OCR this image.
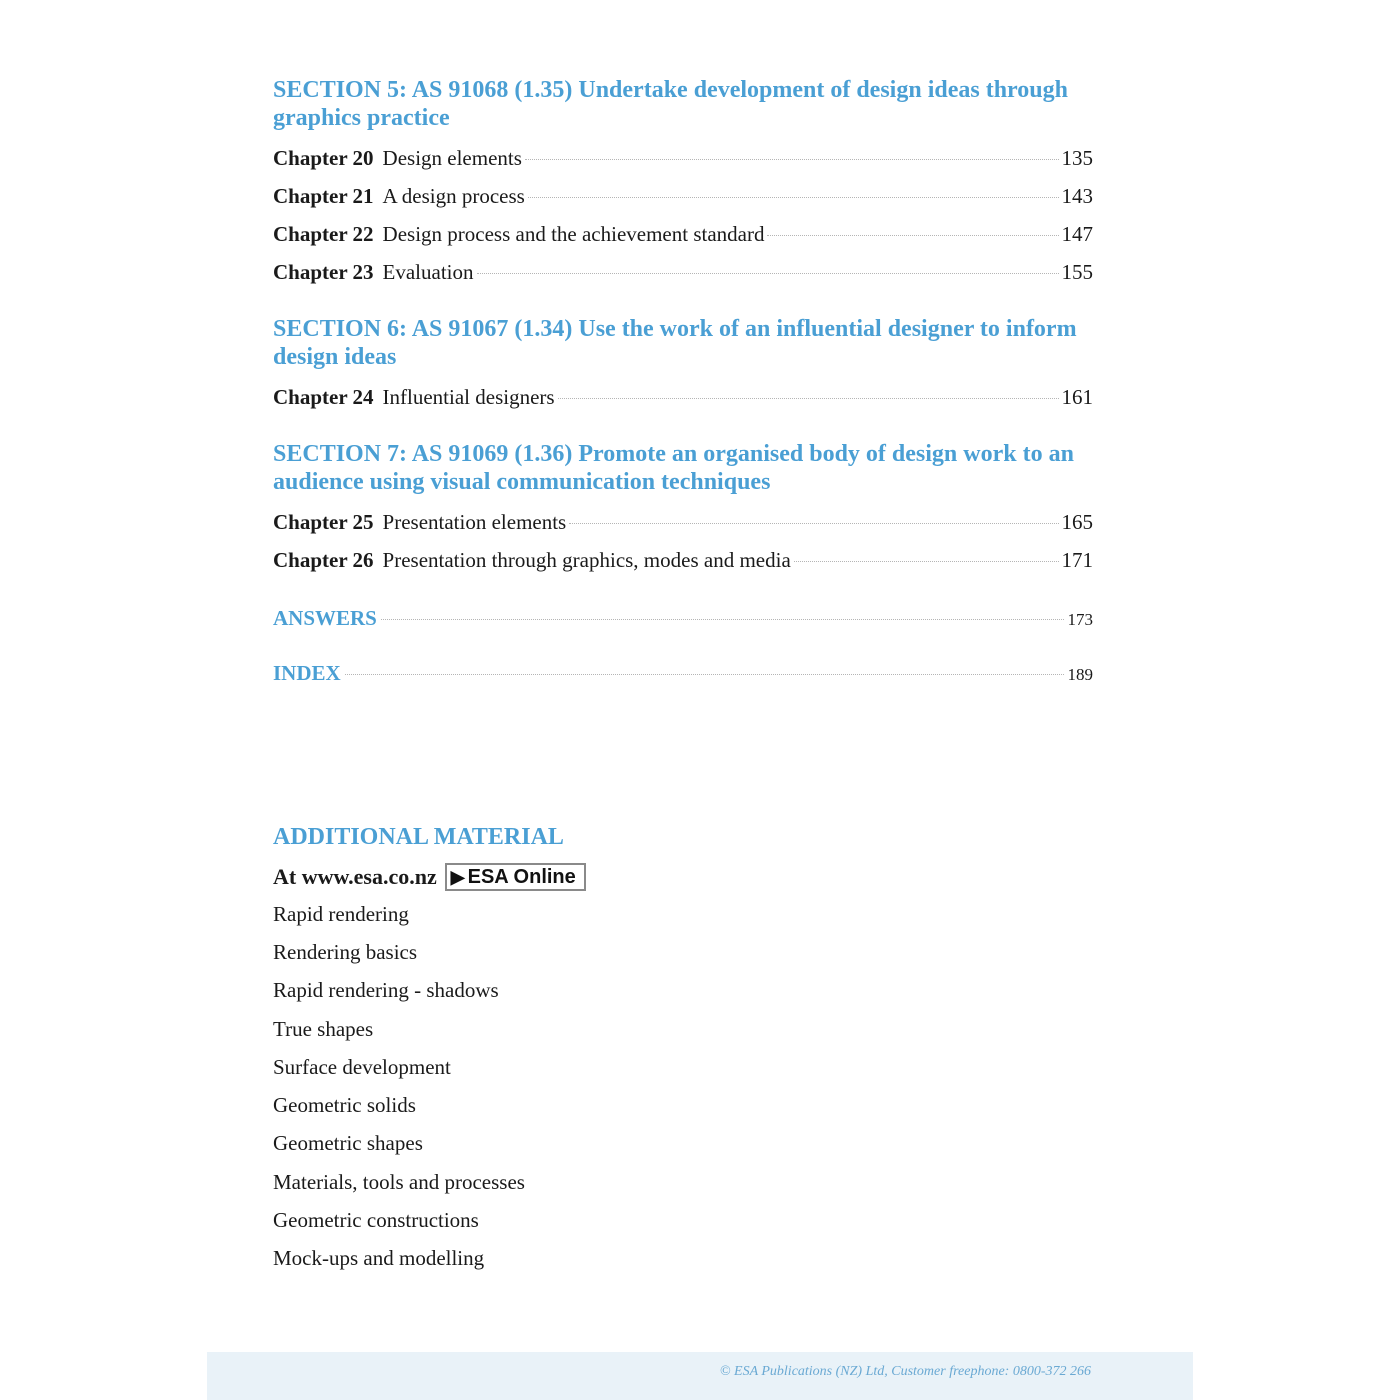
SECTION 5: AS 91068 (1.35) Undertake development of design ideas through graphics practice
Chapter 20 Design elements	135
Chapter 21 A design process	143
Chapter 22 Design process and the achievement standard	147
Chapter 23 Evaluation	155
SECTION 6: AS 91067 (1.34) Use the work of an influential designer to inform design ideas
Chapter 24 Influential designers	161
SECTION 7: AS 91069 (1.36) Promote an organised body of design work to an audience using visual communication techniques
Chapter 25 Presentation elements	165
Chapter 26 Presentation through graphics, modes and media	171
ANSWERS	173
INDEX	189
ADDITIONAL MATERIAL
At www.esa.co.nz ▶ ESA Online
Rapid rendering
Rendering basics
Rapid rendering - shadows
True shapes
Surface development
Geometric solids
Geometric shapes
Materials, tools and processes
Geometric constructions
Mock-ups and modelling
© ESA Publications (NZ) Ltd, Customer freephone: 0800-372 266
